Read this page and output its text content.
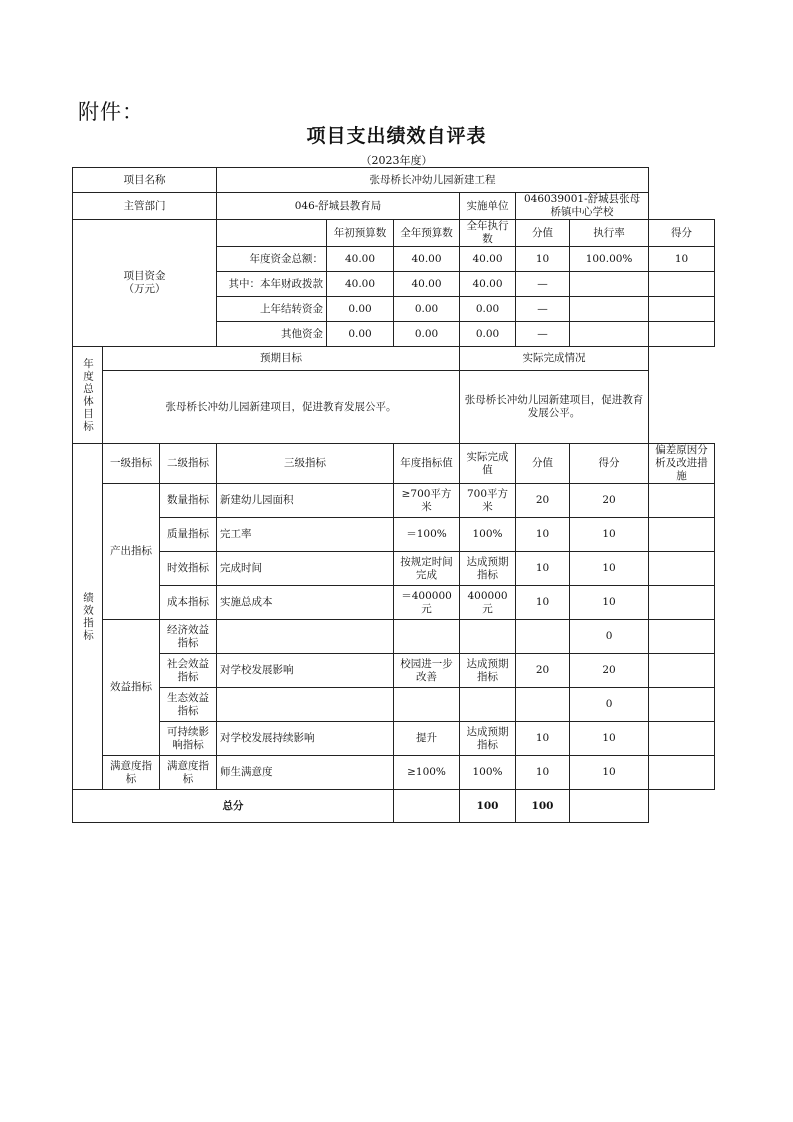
附件：
项目支出绩效自评表
（2023年度）
项目名称			张母桥长冲幼儿园新建工程						
主管部门			046-舒城县教育局			实施单位	046039001-舒城县张母桥镇中心学校		
项目资金
（万元）				年初预算数	全年预算数	全年执行数	分值	执行率	得分
			年度资金总额：	40.00	40.00	40.00	10	100.00%	10
			其中：本年财政拨款	40.00	40.00	40.00	—		
			上年结转资金	0.00	0.00	0.00	—		
			其他资金	0.00	0.00	0.00	—		
年度总体目标	预期目标					实际完成情况			
	张母桥长冲幼儿园新建项目，促进教育发展公平。					张母桥长冲幼儿园新建项目，促进教育发展公平。			
绩效指标	一级指标	二级指标	三级指标		年度指标值	实际完成值	分值	得分	偏差原因分析及改进措施
	产出指标	数量指标	新建幼儿园面积		≥700平方米	700平方米	20	20	
		质量指标	完工率		＝100%	100%	10	10	
		时效指标	完成时间		按规定时间完成	达成预期指标	10	10	
		成本指标	实施总成本		＝400000元	400000元	10	10	
	效益指标	经济效益指标						0	
		社会效益指标	对学校发展影响		校园进一步改善	达成预期指标	20	20	
		生态效益指标						0	
		可持续影响指标	对学校发展持续影响		提升	达成预期指标	10	10	
	满意度指标	满意度指标	师生满意度		≥100%	100%	10	10	
总分						100	100		
